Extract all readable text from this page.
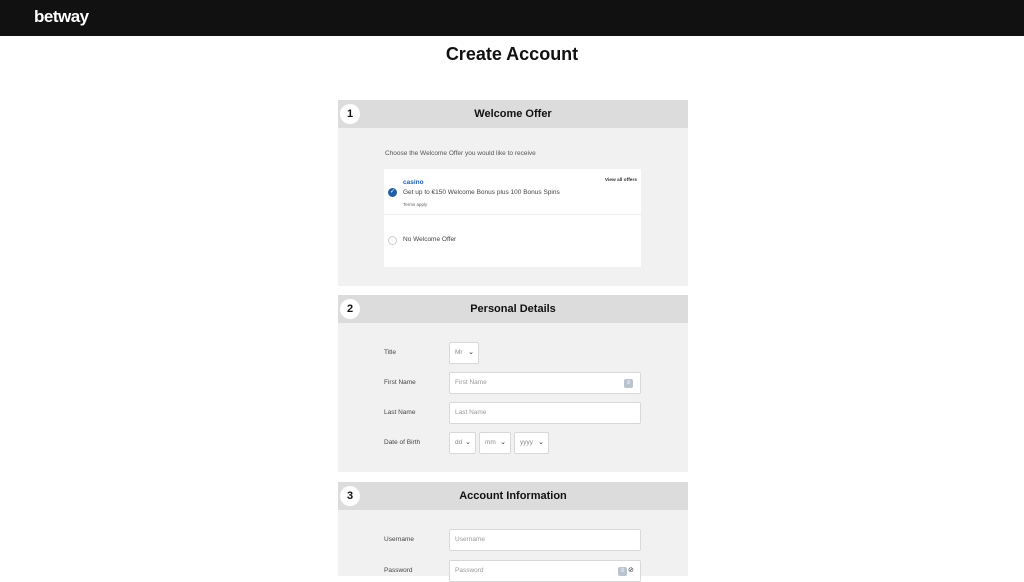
betway
Create Account
1	Welcome Offer
Choose the Welcome Offer you would like to receive
✓
casino
Get up to €150 Welcome Bonus plus 100 Bonus Spins
Terms apply
View all offers
No Welcome Offer
2	Personal Details
Title	Mr ⌄
First Name	First Name	≡
Last Name	Last Name
Date of Birth	dd ⌄	mm ⌄	yyyy ⌄
3	Account Information
Username	Username
Password	Password	≡ ⊘
